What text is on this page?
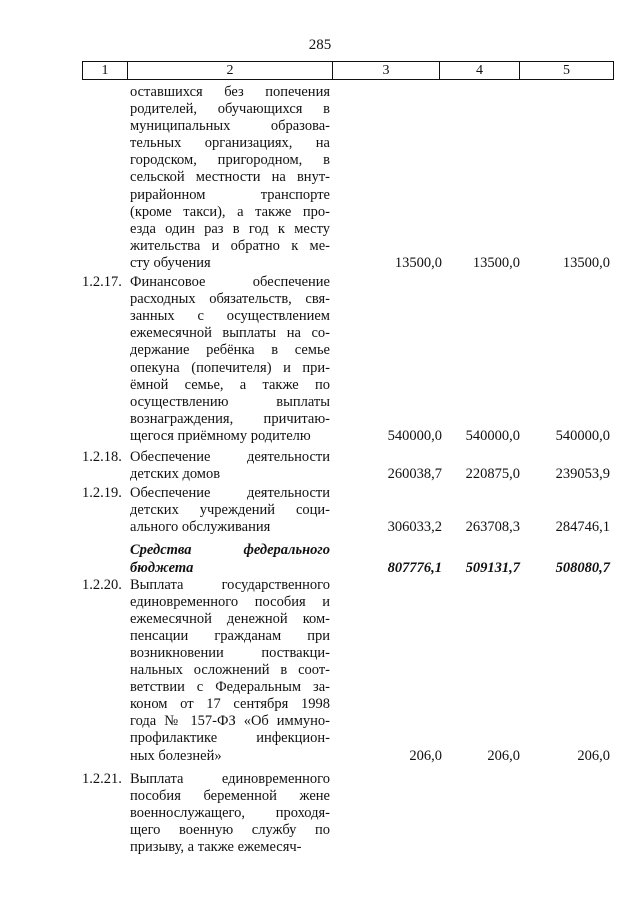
285
1	2	3	4	5
оставшихся без попечения
родителей, обучающихся в
муниципальных образова-
тельных организациях, на
городском, пригородном, в
сельской местности на внут-
рирайонном транспорте
(кроме такси), а также про-
езда один раз в год к месту
жительства и обратно к ме-
сту обучения	13500,0	13500,0	13500,0
1.2.17. Финансовое обеспечение
расходных обязательств, свя-
занных с осуществлением
ежемесячной выплаты на со-
держание ребёнка в семье
опекуна (попечителя) и при-
ёмной семье, а также по
осуществлению выплаты
вознаграждения, причитаю-
щегося приёмному родителю	540000,0	540000,0	540000,0
1.2.18. Обеспечение деятельности
детских домов	260038,7	220875,0	239053,9
1.2.19. Обеспечение деятельности
детских учреждений соци-
ального обслуживания	306033,2	263708,3	284746,1
Средства федерального
бюджета	807776,1	509131,7	508080,7
1.2.20. Выплата государственного
единовременного пособия и
ежемесячной денежной ком-
пенсации гражданам при
возникновении поствакци-
нальных осложнений в соот-
ветствии с Федеральным за-
коном от 17 сентября 1998
года № 157-ФЗ «Об иммуно-
профилактике инфекцион-
ных болезней»	206,0	206,0	206,0
1.2.21. Выплата единовременного
пособия беременной жене
военнослужащего, проходя-
щего военную службу по
призыву, а также ежемесяч-
